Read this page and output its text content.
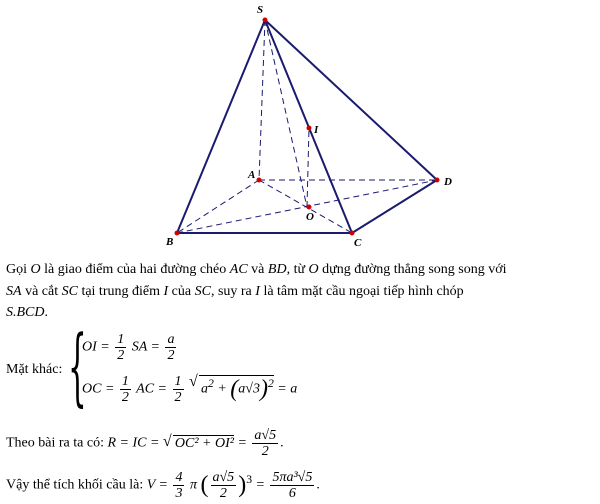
S
I
A
D
O
B	C
Gọi O là giao điểm của hai đường chéo AC và BD, từ O dựng đường thẳng song song với
SA và cắt SC tại trung điểm I của SC, suy ra I là tâm mặt cầu ngoại tiếp hình chóp
S.BCD.
Mặt khác: {
OI = $\frac{1}{2}$ SA = $\frac{a}{2}$
OC = $\frac{1}{2}$ AC = $\frac{1}{2}$ √ $a^2 + (a√3)^2 = a$
Theo bài ra ta có: R = IC = √ $OC^2 + OI^2 = \frac{a√5}{2}$ .
Vậy thể tích khối cầu là: $V = \frac{4}{3}$ π ( $\frac{a√5}{2} )^3 = \frac{\text{5πa³√5}}{6}$ .
